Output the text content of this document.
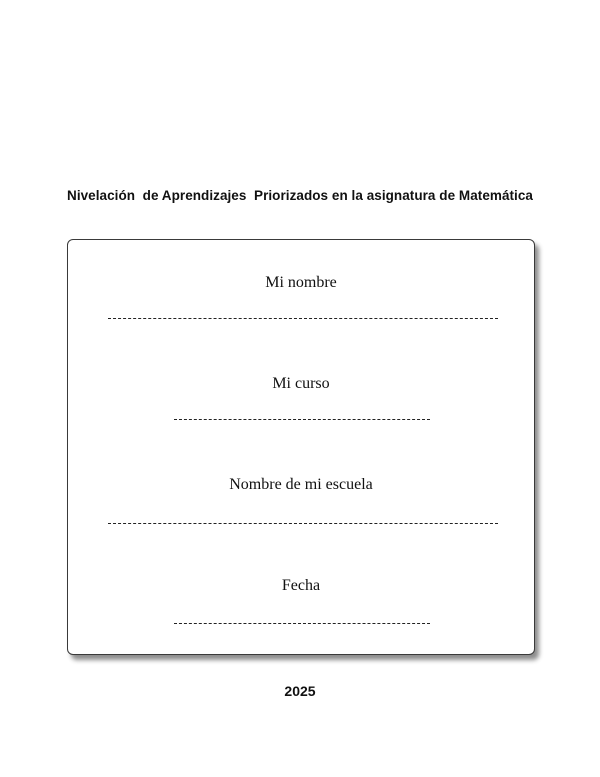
Nivelación  de Aprendizajes  Priorizados en la asignatura de Matemática
Mi nombre
Mi curso
Nombre de mi escuela
Fecha
2025
